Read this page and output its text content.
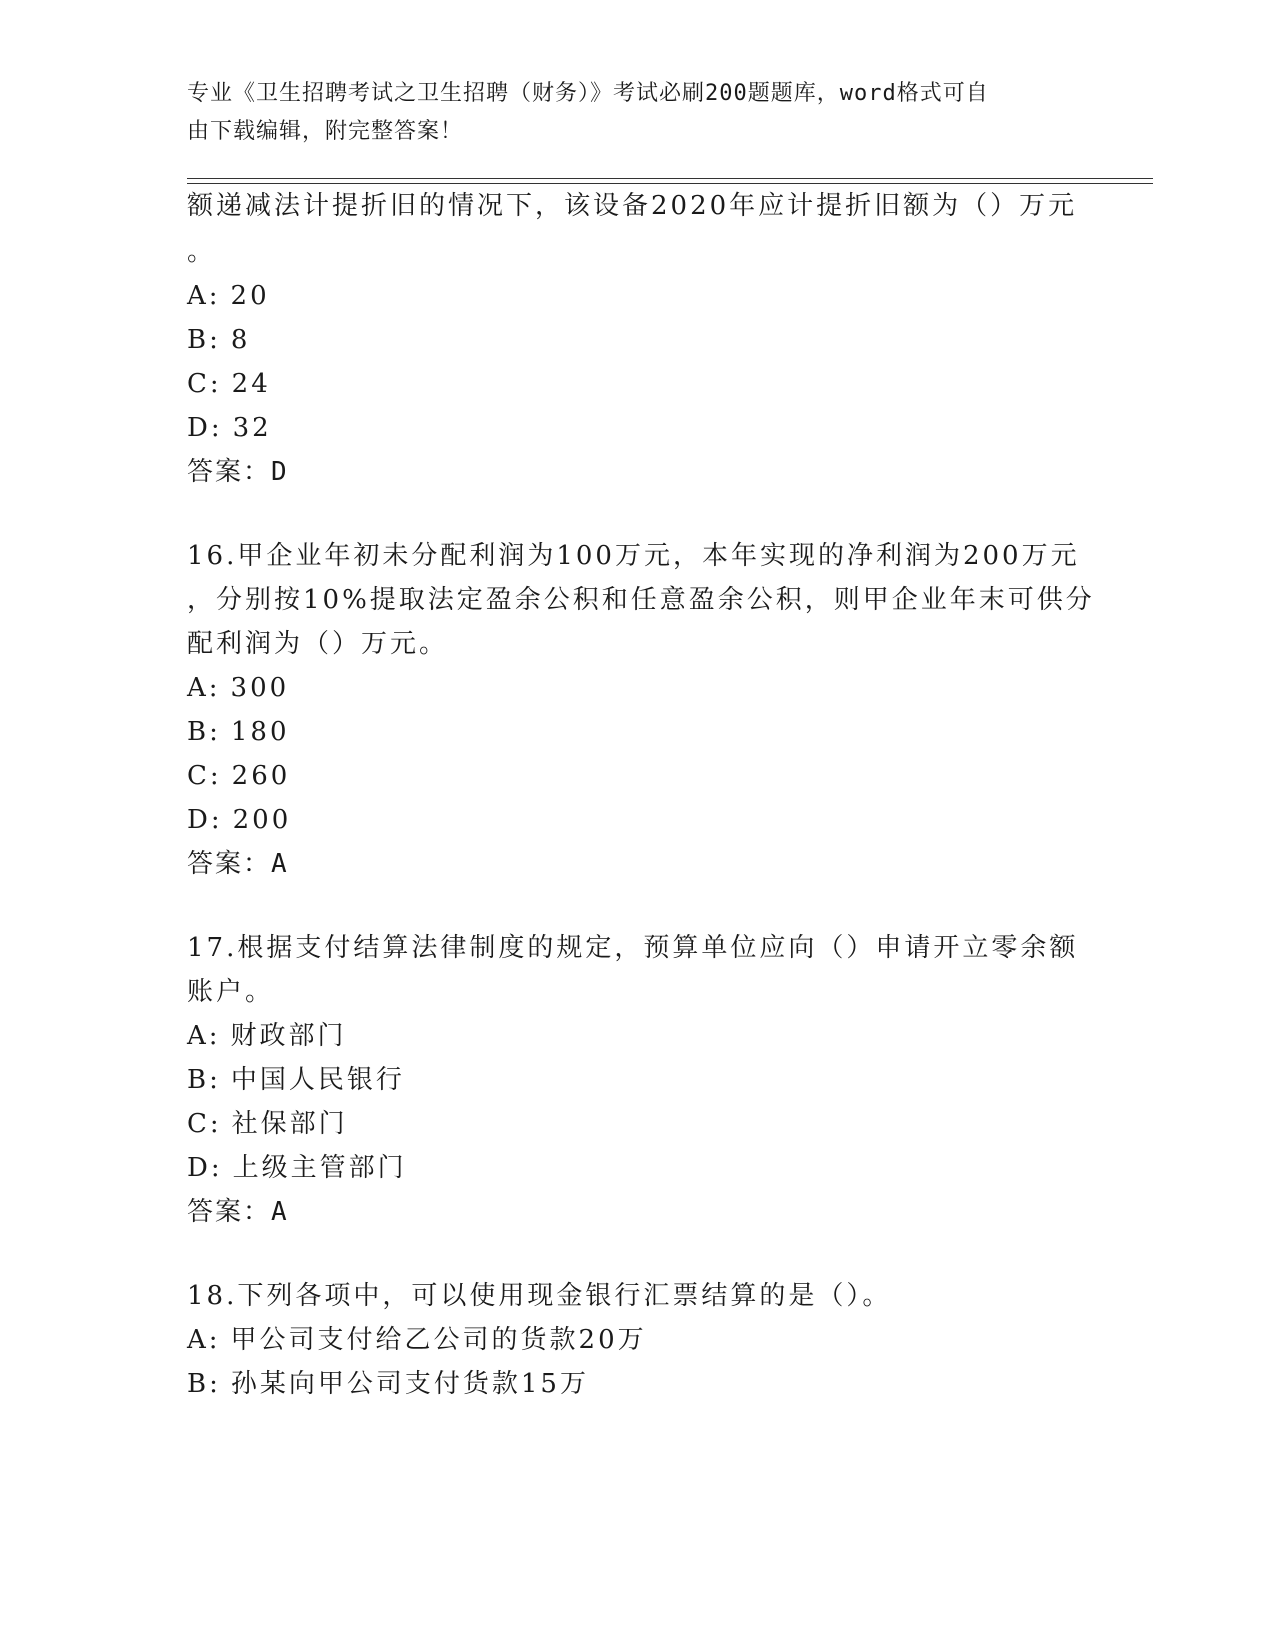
专业《卫生招聘考试之卫生招聘（财务）》考试必刷200题题库，word格式可自
由下载编辑，附完整答案！
额递减法计提折旧的情况下，该设备2020年应计提折旧额为（）万元
。
A: 20
B: 8
C: 24
D: 32
答案：D
16.甲企业年初未分配利润为100万元，本年实现的净利润为200万元
，分别按10%提取法定盈余公积和任意盈余公积，则甲企业年末可供分
配利润为（）万元。
A: 300
B: 180
C: 260
D: 200
答案：A
17.根据支付结算法律制度的规定，预算单位应向（）申请开立零余额
账户。
A: 财政部门
B: 中国人民银行
C: 社保部门
D: 上级主管部门
答案：A
18.下列各项中，可以使用现金银行汇票结算的是（）。
A: 甲公司支付给乙公司的货款20万
B: 孙某向甲公司支付货款15万
